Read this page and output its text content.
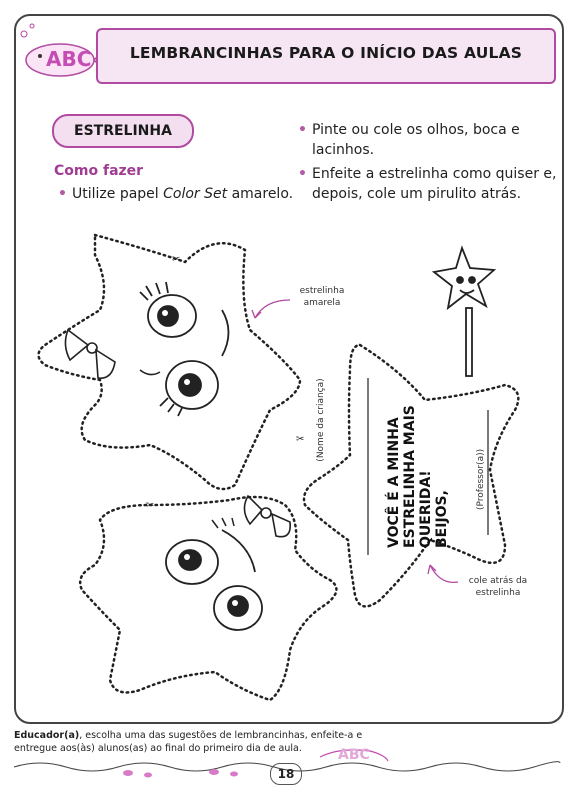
ABC	LEMBRANCINHAS PARA O INÍCIO DAS AULAS
ESTRELINHA
Como fazer
• Utilize papel Color Set amarelo.
• Pinte ou cole os olhos, boca e
lacinhos.
• Enfeite a estrelinha como quiser e,
depois, cole um pirulito atrás.
✂
✂
✂
estrelinha
amarela
cole atrás da
estrelinha
(Nome da criança)	VOCÊ É A MINHA ESTRELINHA MAIS QUERIDA! BEIJOS,
(Professor(a))
Educador(a), escolha uma das sugestões de lembrancinhas, enfeite-a e
entregue aos(às) alunos(as) ao final do primeiro dia de aula.	ABC
18
